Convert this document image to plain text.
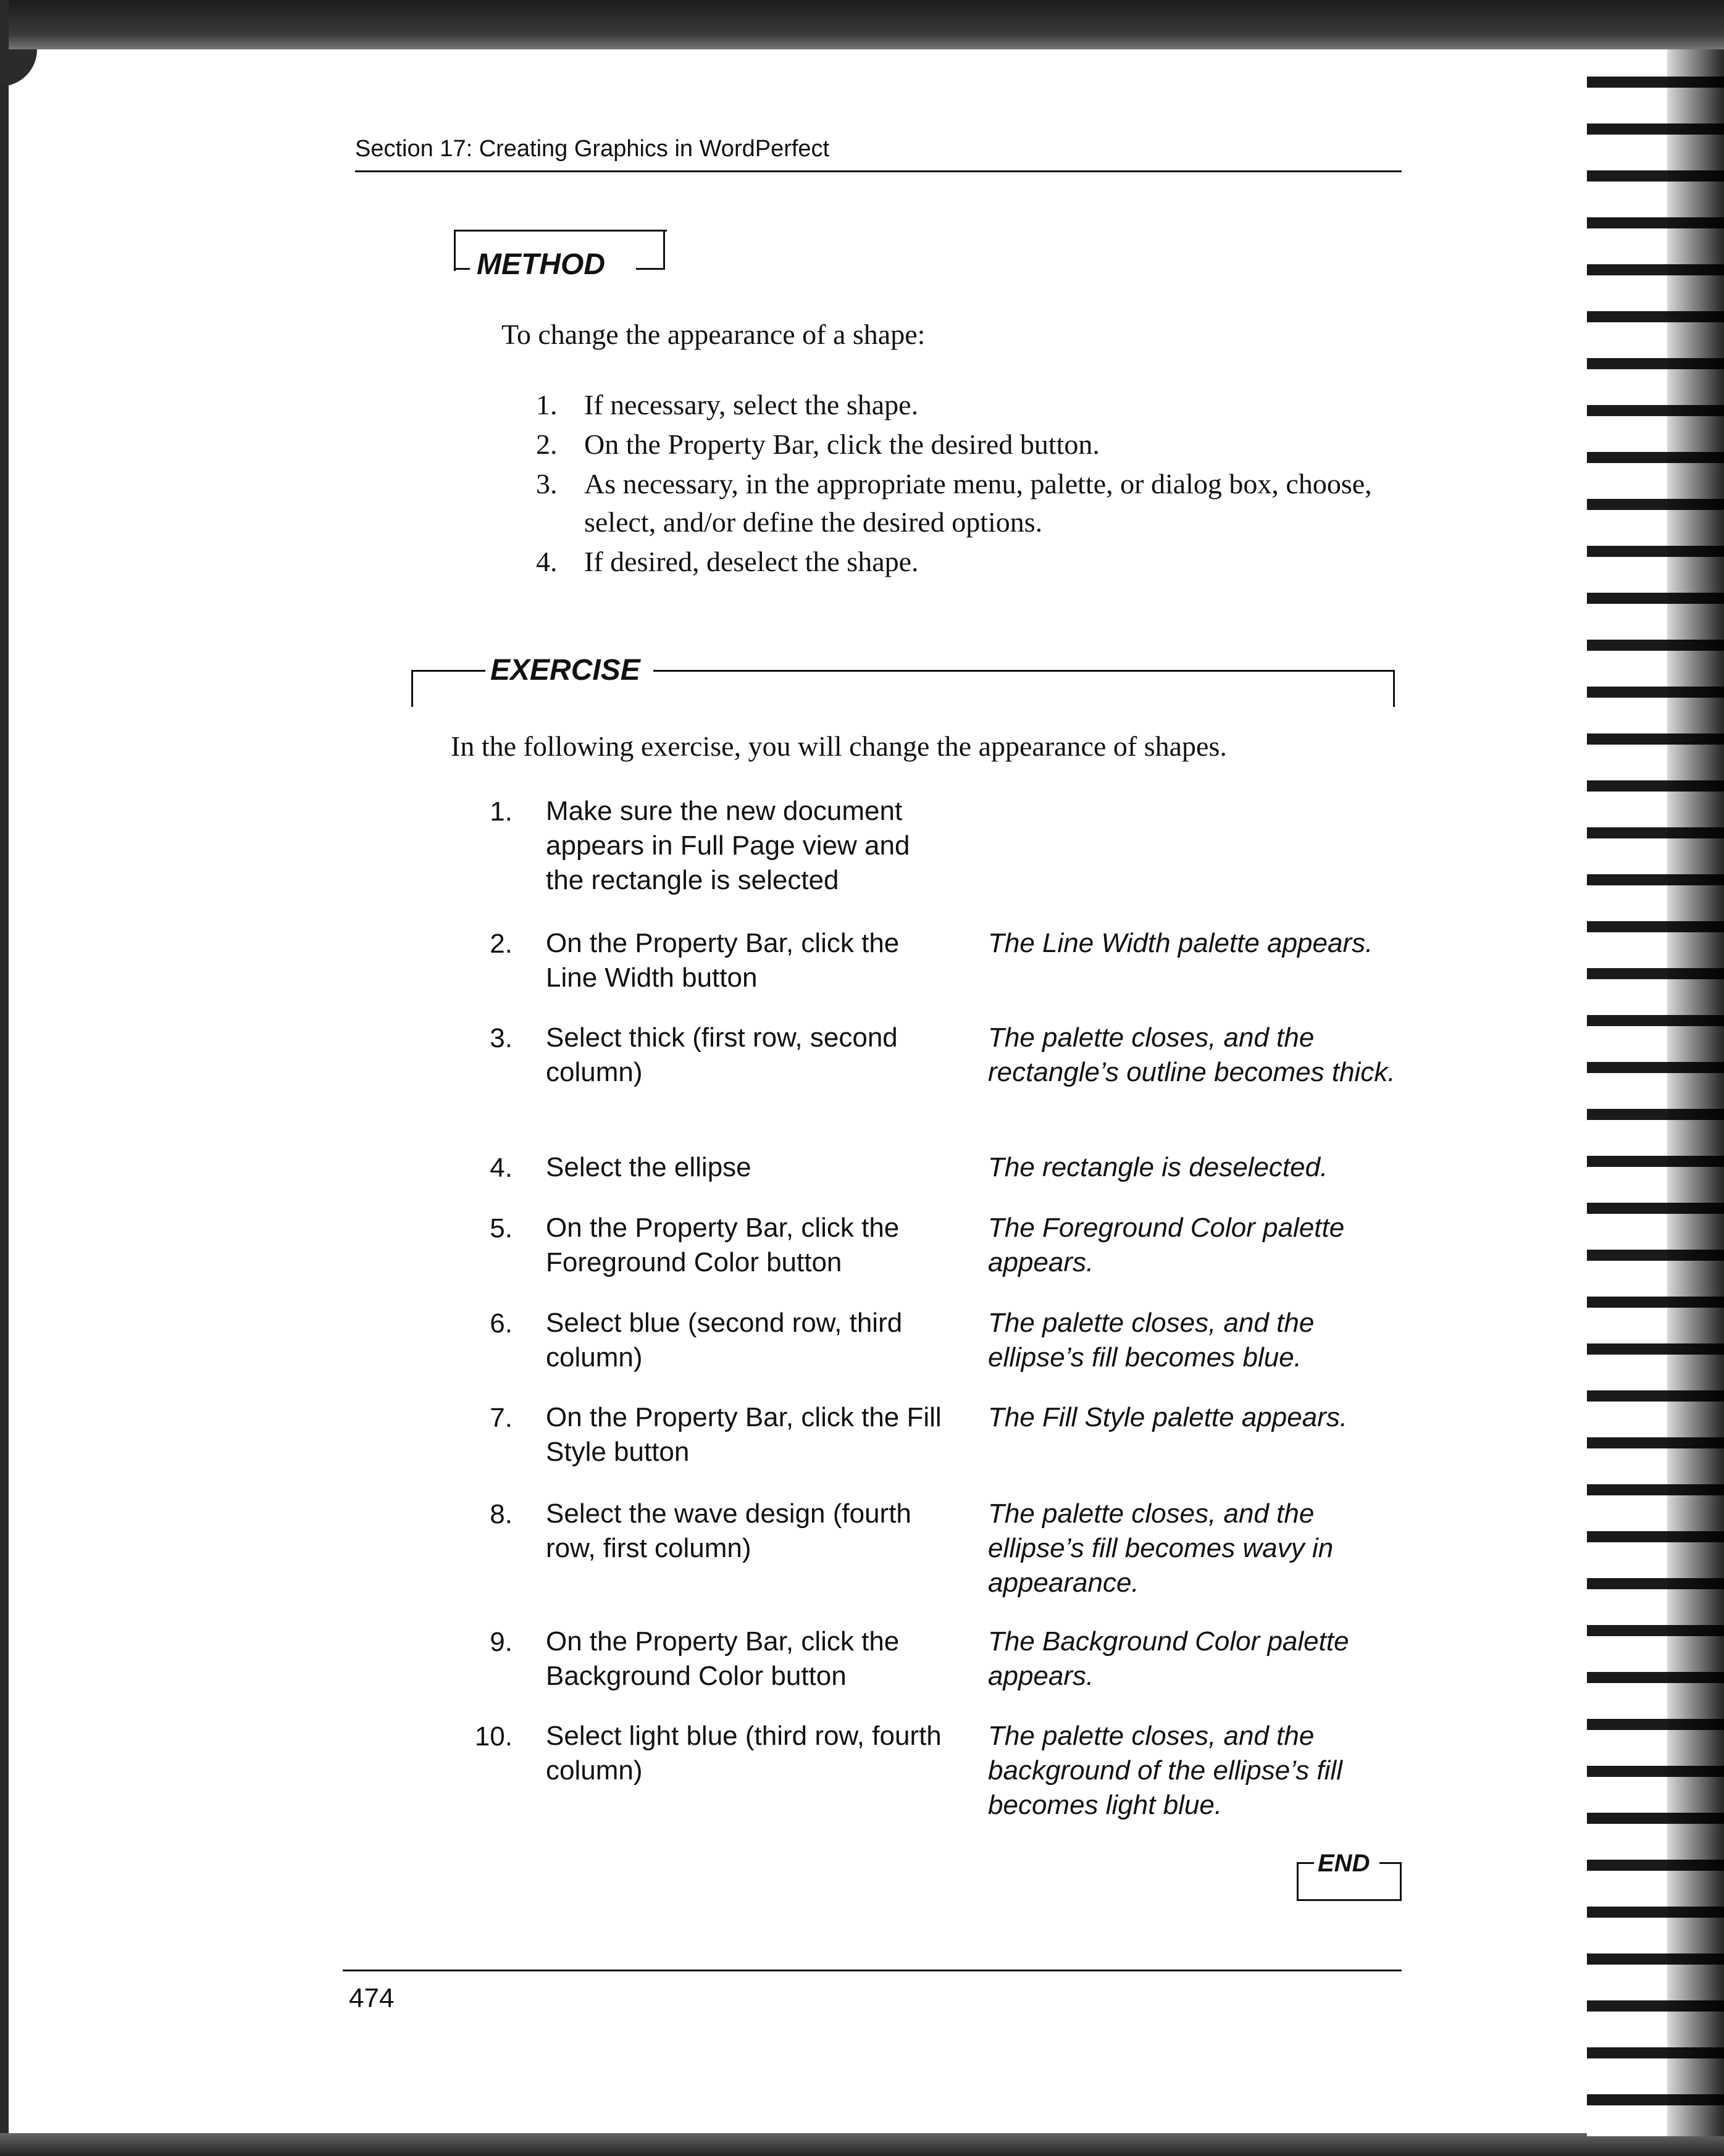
Section 17: Creating Graphics in WordPerfect
METHOD
To change the appearance of a shape:
1. If necessary, select the shape.
2. On the Property Bar, click the desired button.
3. As necessary, in the appropriate menu, palette, or dialog box, choose, select, and/or define the desired options.
4. If desired, deselect the shape.
EXERCISE
In the following exercise, you will change the appearance of shapes.
1. Make sure the new document appears in Full Page view and the rectangle is selected
2. On the Property Bar, click the Line Width button
The Line Width palette appears.
3. Select thick (first row, second column)
The palette closes, and the rectangle’s outline becomes thick.
4. Select the ellipse	The rectangle is deselected.
5. On the Property Bar, click the Foreground Color button
The Foreground Color palette appears.
6. Select blue (second row, third column)
The palette closes, and the ellipse’s fill becomes blue.
7. On the Property Bar, click the Fill Style button
The Fill Style palette appears.
8. Select the wave design (fourth row, first column)
The palette closes, and the ellipse’s fill becomes wavy in appearance.
9. On the Property Bar, click the Background Color button
The Background Color palette appears.
10. Select light blue (third row, fourth column)
The palette closes, and the background of the ellipse’s fill becomes light blue.
END
474
